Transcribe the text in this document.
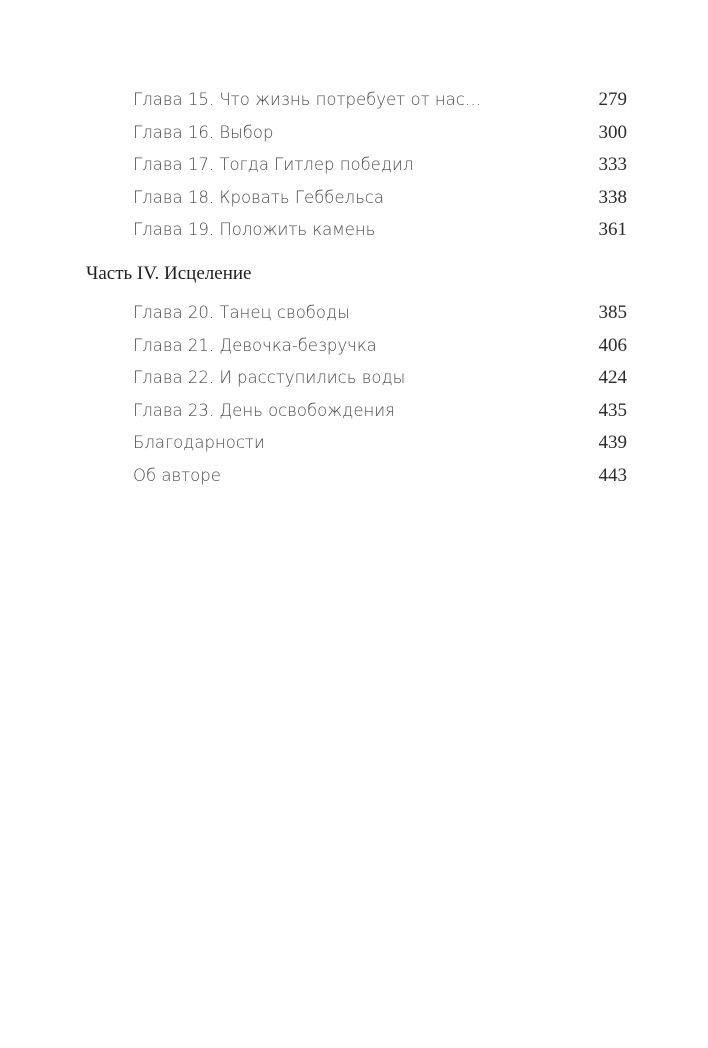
Глава 15. Что жизнь потребует от нас…	279
Глава 16. Выбор	300
Глава 17. Тогда Гитлер победил	333
Глава 18. Кровать Геббельса	338
Глава 19. Положить камень	361
Часть IV. Исцеление
Глава 20. Танец свободы	385
Глава 21. Девочка-безручка	406
Глава 22. И расступились воды	424
Глава 23. День освобождения	435
Благодарности	439
Об авторе	443
